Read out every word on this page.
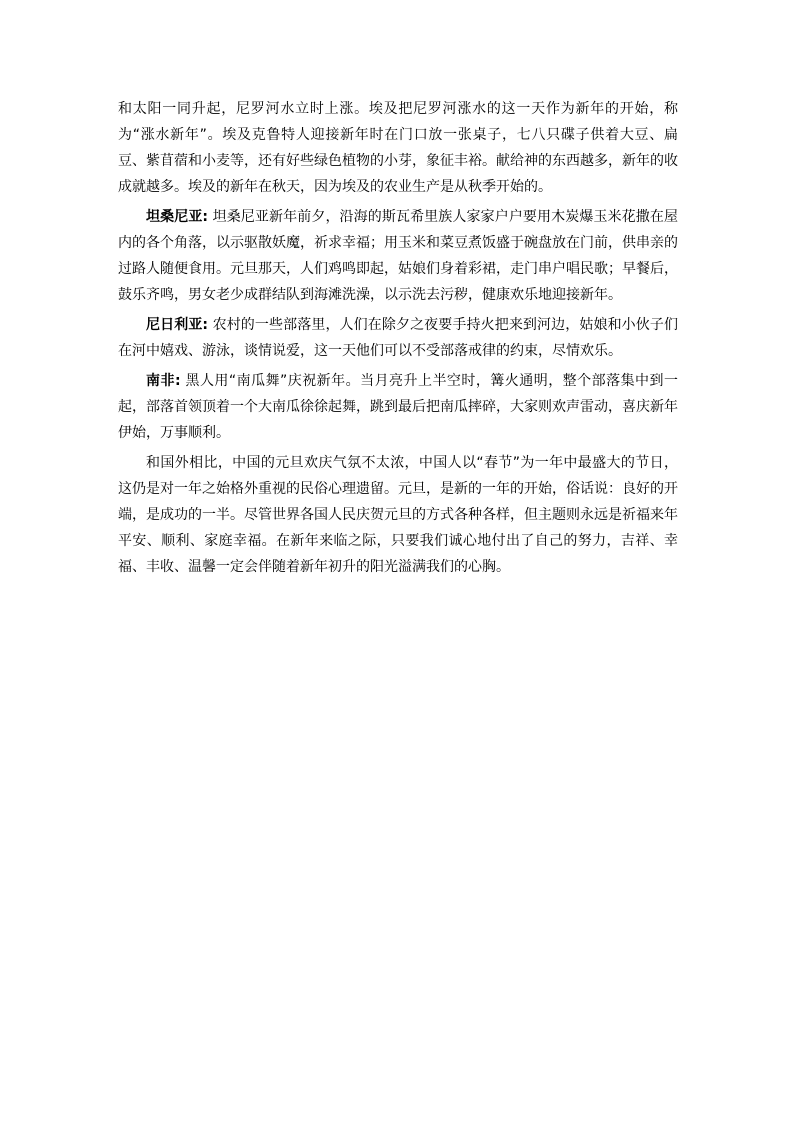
和太阳一同升起，尼罗河水立时上涨。埃及把尼罗河涨水的这一天作为新年的开始，称为“涨水新年”。埃及克鲁特人迎接新年时在门口放一张桌子，七八只碟子供着大豆、扁豆、紫苜蓿和小麦等，还有好些绿色植物的小芽，象征丰裕。献给神的东西越多，新年的收成就越多。埃及的新年在秋天，因为埃及的农业生产是从秋季开始的。

坦桑尼亚: 坦桑尼亚新年前夕，沿海的斯瓦希里族人家家户户要用木炭爆玉米花撒在屋内的各个角落，以示驱散妖魔，祈求幸福；用玉米和菜豆煮饭盛于碗盘放在门前，供串亲的过路人随便食用。元旦那天，人们鸡鸣即起，姑娘们身着彩裙，走门串户唱民歌；早餐后，鼓乐齐鸣，男女老少成群结队到海滩洗澡，以示洗去污秽，健康欢乐地迎接新年。

尼日利亚: 农村的一些部落里，人们在除夕之夜要手持火把来到河边，姑娘和小伙子们在河中嬉戏、游泳，谈情说爱，这一天他们可以不受部落戒律的约束，尽情欢乐。

南非: 黑人用“南瓜舞”庆祝新年。当月亮升上半空时，篝火通明，整个部落集中到一起，部落首领顶着一个大南瓜徐徐起舞，跳到最后把南瓜摔碎，大家则欢声雷动，喜庆新年伊始，万事顺利。

和国外相比，中国的元旦欢庆气氛不太浓，中国人以“春节”为一年中最盛大的节日，这仍是对一年之始格外重视的民俗心理遗留。元旦，是新的一年的开始，俗话说：良好的开端，是成功的一半。尽管世界各国人民庆贺元旦的方式各种各样，但主题则永远是祈福来年平安、顺利、家庭幸福。在新年来临之际，只要我们诚心地付出了自己的努力，吉祥、幸福、丰收、温馨一定会伴随着新年初升的阳光溢满我们的心胸。
